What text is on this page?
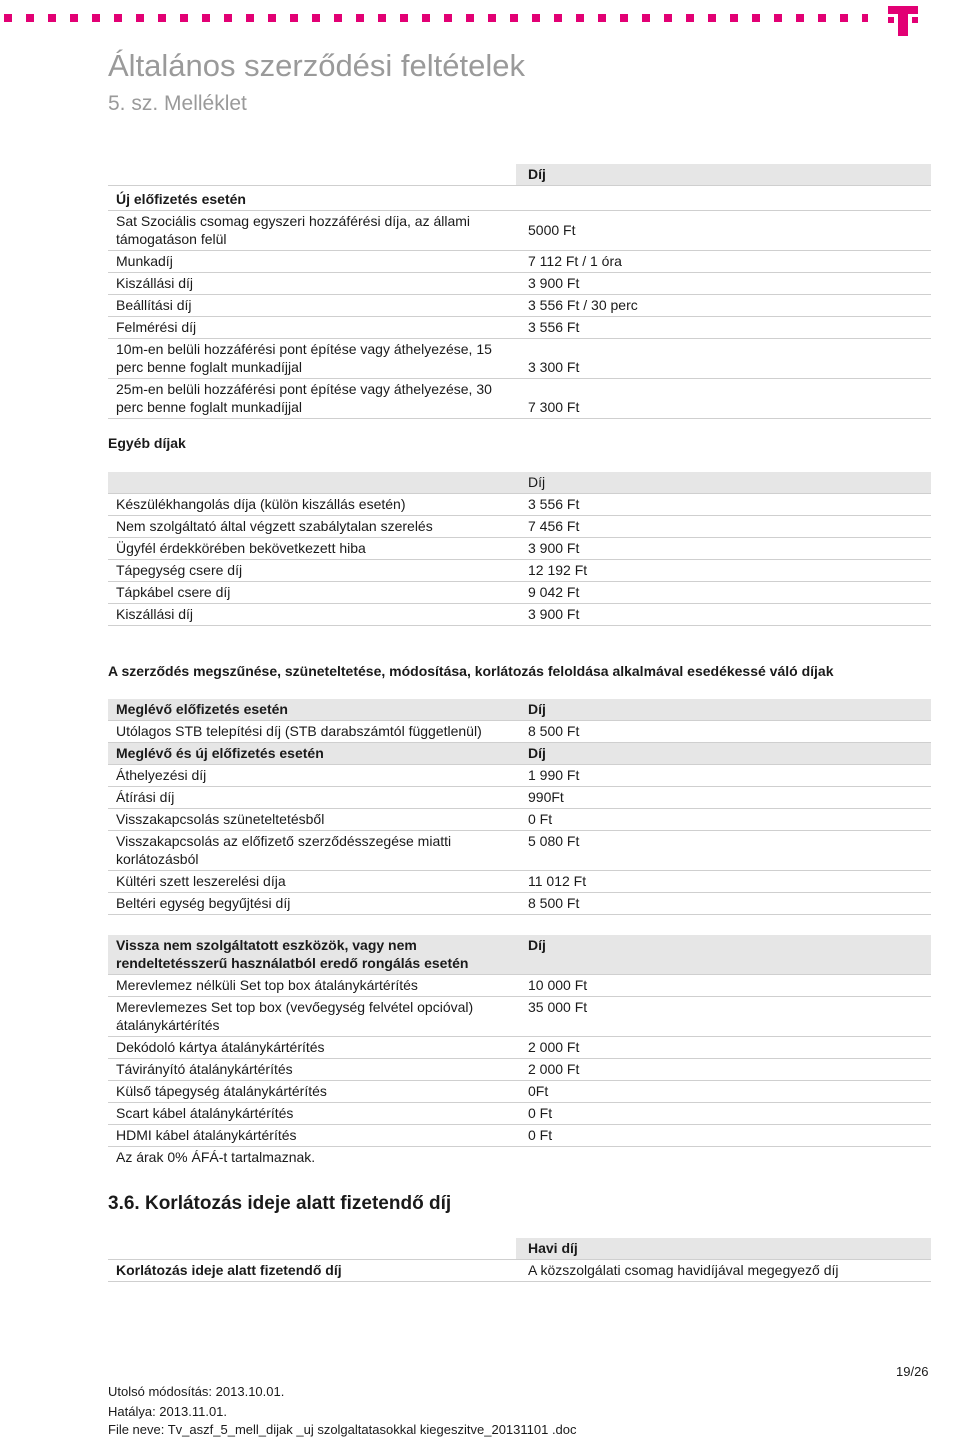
Általános szerződési feltételek
5. sz. Melléklet
	Díj
Új előfizetés esetén	
Sat Szociális csomag egyszeri hozzáférési díja, az állami támogatáson felül	5000 Ft
Munkadíj	7 112 Ft / 1 óra
Kiszállási díj	3 900 Ft
Beállítási díj	3 556 Ft / 30 perc
Felmérési díj	3 556 Ft
10m-en belüli hozzáférési pont építése vagy áthelyezése, 15 perc benne foglalt munkadíjjal	3 300 Ft
25m-en belüli hozzáférési pont építése vagy áthelyezése, 30 perc benne foglalt munkadíjjal	7 300 Ft
Egyéb díjak
	Díj
Készülékhangolás díja (külön kiszállás esetén)	3 556 Ft
Nem szolgáltató által végzett szabálytalan szerelés	7 456 Ft
Ügyfél érdekkörében bekövetkezett hiba	3 900 Ft
Tápegység csere díj	12 192 Ft
Tápkábel csere díj	9 042 Ft
Kiszállási díj	3 900 Ft
A szerződés megszűnése, szüneteltetése, módosítása, korlátozás feloldása alkalmával esedékessé váló díjak
Meglévő előfizetés esetén	Díj
Utólagos STB telepítési díj (STB darabszámtól függetlenül)	8 500 Ft
Meglévő és új előfizetés esetén	Díj
Áthelyezési díj	1 990 Ft
Átírási díj	990Ft
Visszakapcsolás szüneteltetésből	0 Ft
Visszakapcsolás az előfizető szerződésszegése miatti korlátozásból	5 080 Ft
Kültéri szett leszerelési díja	11 012 Ft
Beltéri egység begyűjtési díj	8 500 Ft
Vissza nem szolgáltatott eszközök, vagy nem rendeltetésszerű használatból eredő rongálás esetén	Díj
Merevlemez nélküli Set top box átalánykártérítés	10 000 Ft
Merevlemezes Set top box (vevőegység felvétel opcióval) átalánykártérítés	35 000 Ft
Dekódoló kártya átalánykártérítés	2 000 Ft
Távirányító átalánykártérítés	2 000 Ft
Külső tápegység átalánykártérítés	0Ft
Scart kábel átalánykártérítés	0 Ft
HDMI kábel átalánykártérítés	0 Ft
Az árak 0% ÁFÁ-t tartalmaznak.	
3.6. Korlátozás ideje alatt fizetendő díj
	Havi díj
Korlátozás ideje alatt fizetendő díj	A közszolgálati csomag havidíjával megegyező díj
19/26
Utolsó módosítás: 2013.10.01.
Hatálya: 2013.11.01.
File neve: Tv_aszf_5_mell_dijak _uj szolgaltatasokkal kiegeszitve_20131101 .doc
